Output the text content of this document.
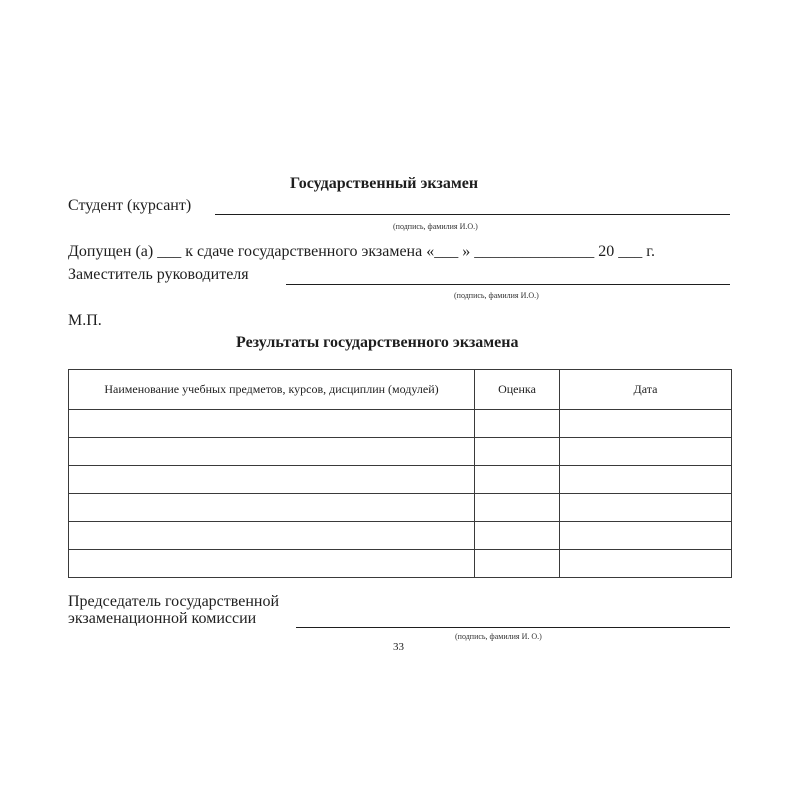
Государственный экзамен
Студент (курсант)
(подпись, фамилия И.О.)
Допущен (а) ___ к сдаче государственного экзамена «___ » _______________ 20 ___ г.
Заместитель руководителя
(подпись, фамилия И.О.)
М.П.
Результаты государственного экзамена
Наименование учебных предметов, курсов, дисциплин (модулей)	Оценка	Дата

Председатель государственной
экзаменационной комиссии
(подпись, фамилия И. О.)
33
